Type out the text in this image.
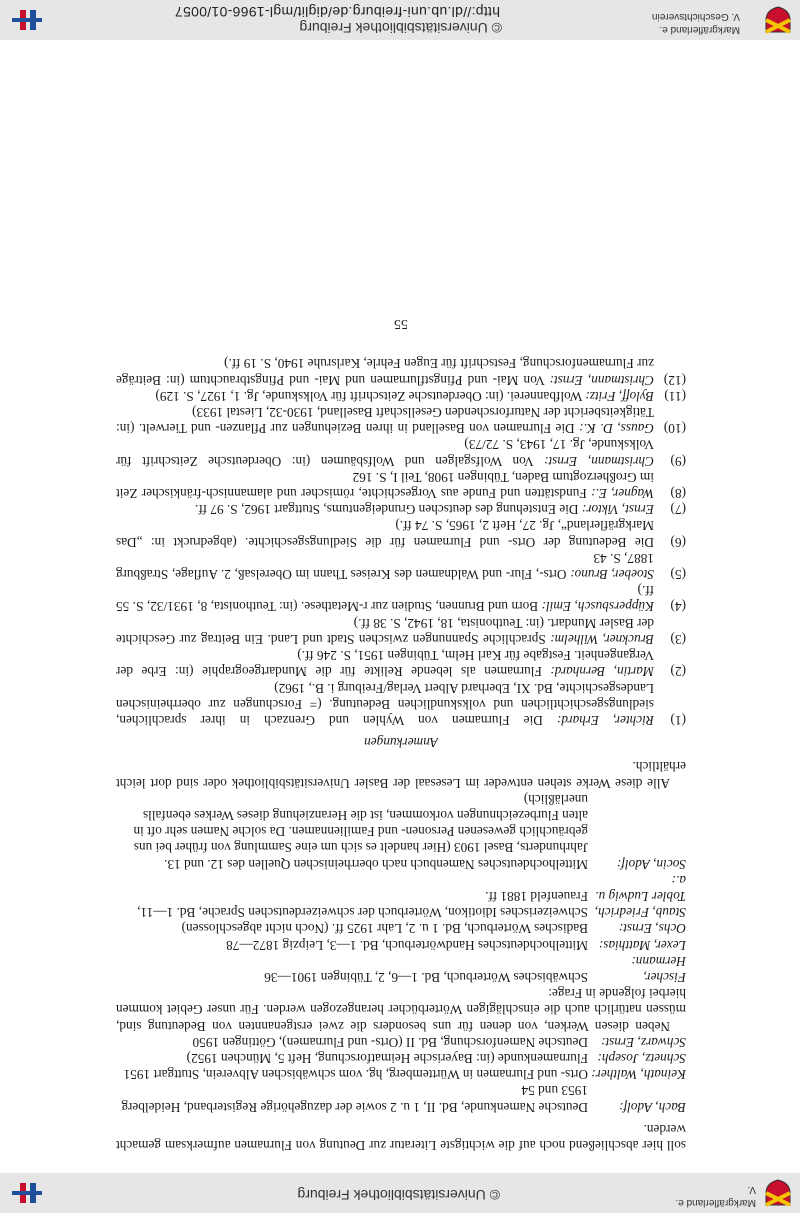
Markgräflerland e. V.
© Universitätsbibliothek Freiburg

soll hier abschließend noch auf die wichtigste Literatur zur Deutung von Flurnamen aufmerksam gemacht werden.

Bach, Adolf:
Deutsche Namenkunde, Bd. II, 1 u. 2 sowie der dazugehörige Registerband, Heidelberg 1953 und 54
Keinath, Walther:
Orts- und Flurnamen in Württemberg, hg. vom schwäbischen Albverein, Stuttgart 1951
Schnetz, Joseph:
Flurnamenkunde (in: Bayerische Heimatforschung, Heft 5, München 1952)
Schwarz, Ernst:
Deutsche Namenforschung, Bd. II (Orts- und Flurnamen), Göttingen 1950

Neben diesen Werken, von denen für uns besonders die zwei erstgenannten von Bedeutung sind, müssen natürlich auch die einschlägigen Wörterbücher herangezogen werden. Für unser Gebiet kommen hierbei folgende in Frage:

Fischer, Hermann:
Schwäbisches Wörterbuch, Bd. 1—6, 2, Tübingen 1901—36
Lexer, Matthias:
Mittelhochdeutsches Handwörterbuch, Bd. 1—3, Leipzig 1872—78
Ochs, Ernst:
Badisches Wörterbuch, Bd. 1 u. 2, Lahr 1925 ff. (Noch nicht abgeschlossen)
Staub, Friedrich, Tobler Ludwig u. a.:
Schweizerisches Idiotikon, Wörterbuch der schweizerdeutschen Sprache, Bd. 1—11, Frauenfeld 1881 ff.
Socin, Adolf:
Mittelhochdeutsches Namenbuch nach oberrheinischen Quellen des 12. und 13. Jahrhunderts, Basel 1903 (Hier handelt es sich um eine Sammlung von früher bei uns gebräuchlich gewesenen Personen- und Familiennamen. Da solche Namen sehr oft in alten Flurbezeichnungen vorkommen, ist die Heranziehung dieses Werkes ebenfalls unerläßlich)

Alle diese Werke stehen entweder im Lesesaal der Basler Universitätsbibliothek oder sind dort leicht erhältlich.

Anmerkungen
(1)
Richter, Erhard: Die Flurnamen von Wyhlen und Grenzach in ihrer sprachlichen, siedlungsgeschichtlichen und volkskundlichen Bedeutung. (= Forschungen zur oberrheinischen Landesgeschichte, Bd. XI, Eberhard Albert Verlag/Freiburg i. B., 1962)
(2)
Martin, Bernhard: Flurnamen als lebende Relikte für die Mundartgeographie (in: Erbe der Vergangenheit. Festgabe für Karl Helm, Tübingen 1951, S. 246 ff.)
(3)
Bruckner, Wilhelm: Sprachliche Spannungen zwischen Stadt und Land. Ein Beitrag zur Geschichte der Basler Mundart. (in: Teuthonista, 18, 1942, S. 38 ff.)
(4)
Küppersbusch, Emil: Born und Brunnen, Studien zur r-Metathese. (in: Teuthonista, 8, 1931/32, S. 55 ff.)
(5)
Stoeber, Bruno: Orts-, Flur- und Waldnamen des Kreises Thann im Oberelsaß, 2. Auflage, Straßburg 1887, S. 43
(6)
Die Bedeutung der Orts- und Flurnamen für die Siedlungsgeschichte. (abgedruckt in: „Das Markgräflerland“, Jg. 27, Heft 2, 1965, S. 74 ff.)
(7)
Ernst, Viktor: Die Entstehung des deutschen Grundeigentums, Stuttgart 1962, S. 97 ff.
(8)
Wagner, E.: Fundstätten und Funde aus Vorgeschichte, römischer und alamannisch-fränkischer Zeit im Großherzogtum Baden, Tübingen 1908, Teil I, S. 162
(9)
Christmann, Ernst: Von Wolfsgalgen und Wolfsbäumen (in: Oberdeutsche Zeitschrift für Volkskunde, Jg. 17, 1943, S. 72/73)
(10)
Gauss, D. K.: Die Flurnamen von Baselland in ihren Beziehungen zur Pflanzen- und Tierwelt. (in: Tätigkeitsbericht der Naturforschenden Gesellschaft Baselland, 1930-32, Liestal 1933)
(11)
Byloff, Fritz: Wolfbannerei. (in: Oberdeutsche Zeitschrift für Volkskunde, Jg. 1, 1927, S. 129)
(12)
Christmann, Ernst: Von Mai- und Pfingstflurnamen und Mai- und Pfingstbrauchtum (in: Beiträge zur Flurnamenforschung, Festschrift für Eugen Fehrle, Karlsruhe 1940, S. 19 ff.)
55
Markgräflerland e. V. Geschichtsverein
© Universitätsbibliothek Freiburg
http://dl.ub.uni-freiburg.de/diglit/mgl-1966-01/0057
